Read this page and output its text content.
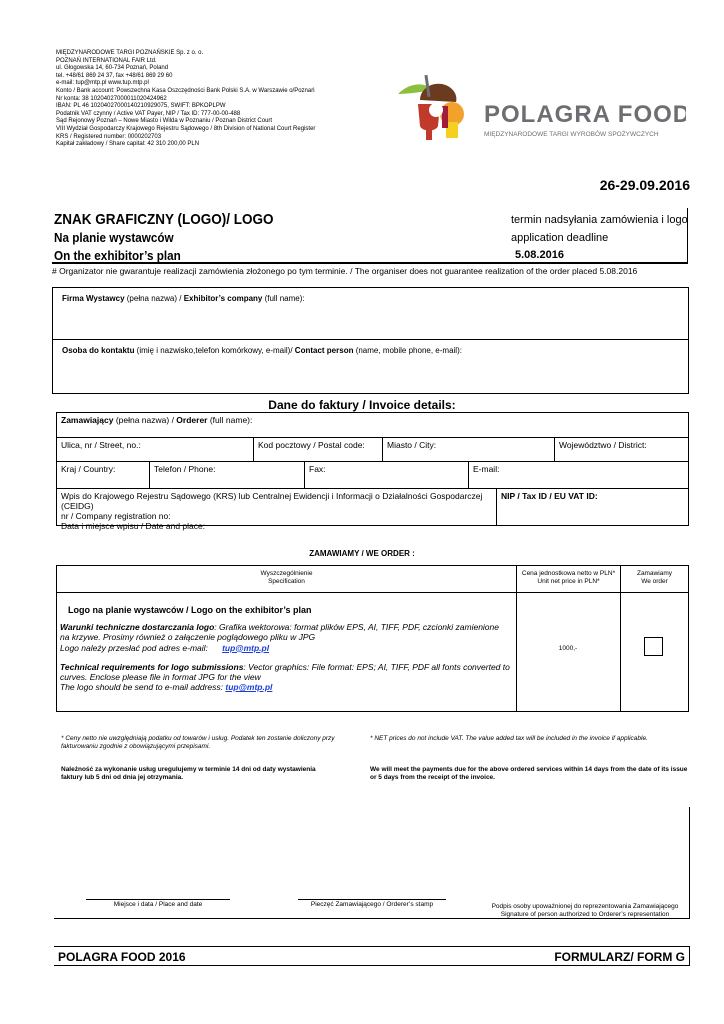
MIĘDZYNARODOWE TARGI POZNAŃSKIE Sp. z o. o.
POZNAŃ INTERNATIONAL FAIR Ltd.
ul. Głogowska 14, 60-734 Poznań, Poland
tel. +48/61 869 24 37, fax +48/61 869 29 60
e-mail: tup@mtp.pl www.tup.mtp.pl
Konto / Bank account: Powszechna Kasa Oszczędności Bank Polski S.A. w Warszawie o/Poznań
Nr konta: 38 10204027000011020424962
IBAN: PL 46 10204027000140210929075, SWIFT: BPKOPLPW
Podatnik VAT czynny / Active VAT Payer, NIP / Tax ID: 777-00-00-488
Sąd Rejonowy Poznań – Nowe Miasto i Wilda w Poznaniu / Poznan District Court
VIII Wydział Gospodarczy Krajowego Rejestru Sądowego / 8th Division of National Court Register
KRS / Registered number: 0000202703
Kapitał zakładowy / Share capital: 42 310 200,00 PLN
POLAGRA FOOD
MIĘDZYNARODOWE TARGI WYROBÓW SPOŻYWCZYCH
26-29.09.2016
ZNAK GRAFICZNY (LOGO)/ LOGO
Na planie wystawców
On the exhibitor’s plan
termin nadsyłania zamówienia i logo
application deadline
5.08.2016
# Organizator nie gwarantuje realizacji zamówienia złożonego po tym terminie. / The organiser does not guarantee realization of the order placed 5.08.2016
Firma Wystawcy (pełna nazwa) / Exhibitor’s company (full name):
Osoba do kontaktu (imię i nazwisko,telefon komórkowy, e-mail)/ Contact person (name, mobile phone, e-mail):
Dane do faktury / Invoice details:
Zamawiający (pełna nazwa) / Orderer (full name):
Ulica, nr / Street, no.:	Kod pocztowy / Postal code:	Miasto / City:	Województwo / District:
Kraj / Country:	Telefon / Phone:	Fax:	E-mail:
Wpis do Krajowego Rejestru Sądowego (KRS) lub Centralnej Ewidencji i Informacji o Działalności Gospodarczej (CEIDG)
nr / Company registration no:
Data i miejsce wpisu / Date and place:
NIP / Tax ID / EU VAT ID:
ZAMAWIAMY / WE ORDER :
Wyszczególnienie
Specification
Cena jednostkowa netto w PLN*
Unit net price in PLN*
Zamawiamy
We order
Logo na planie wystawców / Logo on the exhibitor’s plan
Warunki techniczne dostarczania logo: Grafika wektorowa: format plików EPS, AI, TIFF, PDF, czcionki zamienione na krzywe. Prosimy również o załączenie poglądowego pliku w JPG
Logo należy przesłać pod adres e-mail: tup@mtp.pl
Technical requirements for logo submissions: Vector graphics: File format: EPS; AI, TIFF, PDF all fonts converted to curves. Enclose please file in format JPG for the view
The logo should be send to e-mail address: tup@mtp.pl
1000,-
* Ceny netto nie uwzględniają podatku od towarów i usług. Podatek ten zostanie doliczony przy fakturowaniu zgodnie z obowiązującymi przepisami.
* NET prices do not include VAT. The value added tax will be included in the invoice if applicable.
Należność za wykonanie usług uregulujemy w terminie 14 dni od daty wystawienia faktury lub 5 dni od dnia jej otrzymania.
We will meet the payments due for the above ordered services within 14 days from the date of its issue or 5 days from the receipt of the invoice.
Miejsce i data / Place and date	Pieczęć Zamawiającego / Orderer’s stamp	Podpis osoby upoważnionej do reprezentowania Zamawiającego
Signature of person authorized to Orderer’s representation
POLAGRA FOOD 2016	FORMULARZ/ FORM G
